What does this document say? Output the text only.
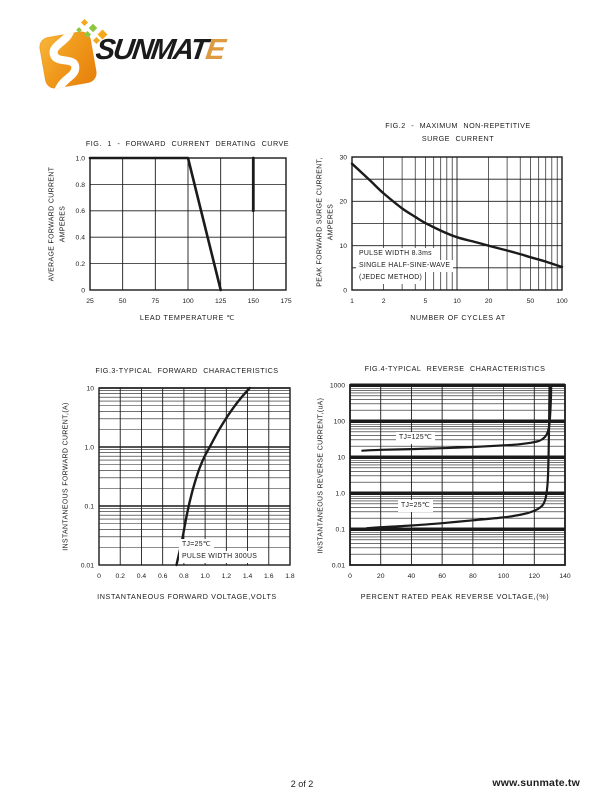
SUNMATE
FIG. 1 - FORWARD CURRENT DERATING CURVE
FIG.2 - MAXIMUM NON-REPETITIVE
SURGE CURRENT
FIG.3-TYPICAL FORWARD CHARACTERISTICS	FIG.4-TYPICAL REVERSE CHARACTERISTICS
AVERAGE FORWARD CURRENT AMPERES	PEAK FORWARD SURGE CURRENT, AMPERES
INSTANTANEOUS FORWARD CURENT,(A)	INSTANTANEOUS REVERSE CURRENT,(uA)
25	50	75	100	125	150	175
1.0
0.8
0.6
0.4
0.2
0
1	2	5	10	20	50	100
30
20
10
0
0 0.2 0.4 0.6 0.8 1.0 1.2 1.4 1.6 1.8
10
1.0
0.1
0.01
0	20	40	60	80	100	120	140
1000
100
10
1.0
0.1
0.01
LEAD TEMPERATURE ℃	NUMBER OF CYCLES AT
INSTANTANEOUS FORWARD VOLTAGE,VOLTS	PERCENT RATED PEAK REVERSE VOLTAGE,(%)
PULSE WIDTH 8.3ms
SINGLE HALF-SINE-WAVE
(JEDEC METHOD)
TJ=25℃
PULSE WIDTH 300US
TJ=125℃
TJ=25℃
2 of 2	www.sunmate.tw
